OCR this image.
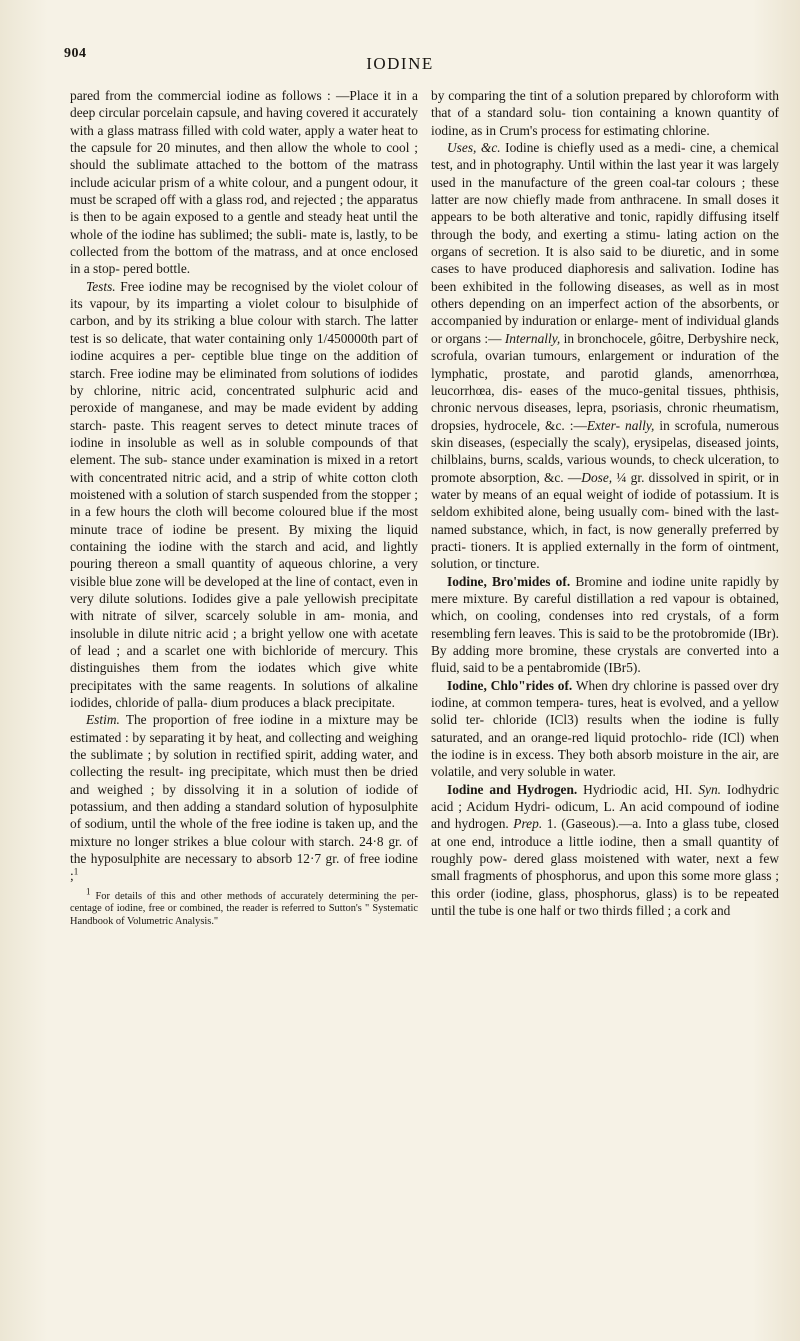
904
IODINE

pared from the commercial iodine as follows : —Place it in a deep circular porcelain capsule, and having covered it accurately with a glass matrass filled with cold water, apply a water heat to the capsule for 20 minutes, and then allow the whole to cool ; should the sublimate attached to the bottom of the matrass include acicular prism of a white colour, and a pungent odour, it must be scraped off with a glass rod, and rejected ; the apparatus is then to be again exposed to a gentle and steady heat until the whole of the iodine has sublimed; the subli- mate is, lastly, to be collected from the bottom of the matrass, and at once enclosed in a stop- pered bottle.

Tests. Free iodine may be recognised by the violet colour of its vapour, by its imparting a violet colour to bisulphide of carbon, and by its striking a blue colour with starch. The latter test is so delicate, that water containing only 1/450000th part of iodine acquires a per- ceptible blue tinge on the addition of starch. Free iodine may be eliminated from solutions of iodides by chlorine, nitric acid, concentrated sulphuric acid and peroxide of manganese, and may be made evident by adding starch- paste. This reagent serves to detect minute traces of iodine in insoluble as well as in soluble compounds of that element. The sub- stance under examination is mixed in a retort with concentrated nitric acid, and a strip of white cotton cloth moistened with a solution of starch suspended from the stopper ; in a few hours the cloth will become coloured blue if the most minute trace of iodine be present. By mixing the liquid containing the iodine with the starch and acid, and lightly pouring thereon a small quantity of aqueous chlorine, a very visible blue zone will be developed at the line of contact, even in very dilute solutions. Iodides give a pale yellowish precipitate with nitrate of silver, scarcely soluble in am- monia, and insoluble in dilute nitric acid ; a bright yellow one with acetate of lead ; and a scarlet one with bichloride of mercury. This distinguishes them from the iodates which give white precipitates with the same reagents. In solutions of alkaline iodides, chloride of palla- dium produces a black precipitate.

Estim. The proportion of free iodine in a mixture may be estimated : by separating it by heat, and collecting and weighing the sublimate ; by solution in rectified spirit, adding water, and collecting the result- ing precipitate, which must then be dried and weighed ; by dissolving it in a solution of iodide of potassium, and then adding a standard solution of hyposulphite of sodium, until the whole of the free iodine is taken up, and the mixture no longer strikes a blue colour with starch. 24·8 gr. of the hyposulphite are necessary to absorb 12·7 gr. of free iodine ;$^1$

1 For details of this and other methods of accurately determining the per-centage of iodine, free or combined, the reader is referred to Sutton's " Systematic Handbook of Volumetric Analysis."

by comparing the tint of a solution prepared by chloroform with that of a standard solu- tion containing a known quantity of iodine, as in Crum's process for estimating chlorine.

Uses, &c. Iodine is chiefly used as a medi- cine, a chemical test, and in photography. Until within the last year it was largely used in the manufacture of the green coal-tar colours ; these latter are now chiefly made from anthracene. In small doses it appears to be both alterative and tonic, rapidly diffusing itself through the body, and exerting a stimu- lating action on the organs of secretion. It is also said to be diuretic, and in some cases to have produced diaphoresis and salivation. Iodine has been exhibited in the following diseases, as well as in most others depending on an imperfect action of the absorbents, or accompanied by induration or enlarge- ment of individual glands or organs :— Internally, in bronchocele, gôitre, Derbyshire neck, scrofula, ovarian tumours, enlargement or induration of the lymphatic, prostate, and parotid glands, amenorrhœa, leucorrhœa, dis- eases of the muco-genital tissues, phthisis, chronic nervous diseases, lepra, psoriasis, chronic rheumatism, dropsies, hydrocele, &c. :—Exter- nally, in scrofula, numerous skin diseases, (especially the scaly), erysipelas, diseased joints, chilblains, burns, scalds, various wounds, to check ulceration, to promote absorption, &c. —Dose, ¼ gr. dissolved in spirit, or in water by means of an equal weight of iodide of potassium. It is seldom exhibited alone, being usually com- bined with the last-named substance, which, in fact, is now generally preferred by practi- tioners. It is applied externally in the form of ointment, solution, or tincture.

Iodine, Bro'mides of. Bromine and iodine unite rapidly by mere mixture. By careful distillation a red vapour is obtained, which, on cooling, condenses into red crystals, of a form resembling fern leaves. This is said to be the protobromide (IBr). By adding more bromine, these crystals are converted into a fluid, said to be a pentabromide (IBr5).

Iodine, Chlo"rides of. When dry chlorine is passed over dry iodine, at common tempera- tures, heat is evolved, and a yellow solid ter- chloride (ICl3) results when the iodine is fully saturated, and an orange-red liquid protochlo- ride (ICl) when the iodine is in excess. They both absorb moisture in the air, are volatile, and very soluble in water.

Iodine and Hydrogen. Hydriodic acid, HI. Syn. Iodhydric acid ; Acidum Hydri- odicum, L. An acid compound of iodine and hydrogen. Prep. 1. (Gaseous).—a. Into a glass tube, closed at one end, introduce a little iodine, then a small quantity of roughly pow- dered glass moistened with water, next a few small fragments of phosphorus, and upon this some more glass ; this order (iodine, glass, phosphorus, glass) is to be repeated until the tube is one half or two thirds filled ; a cork and
